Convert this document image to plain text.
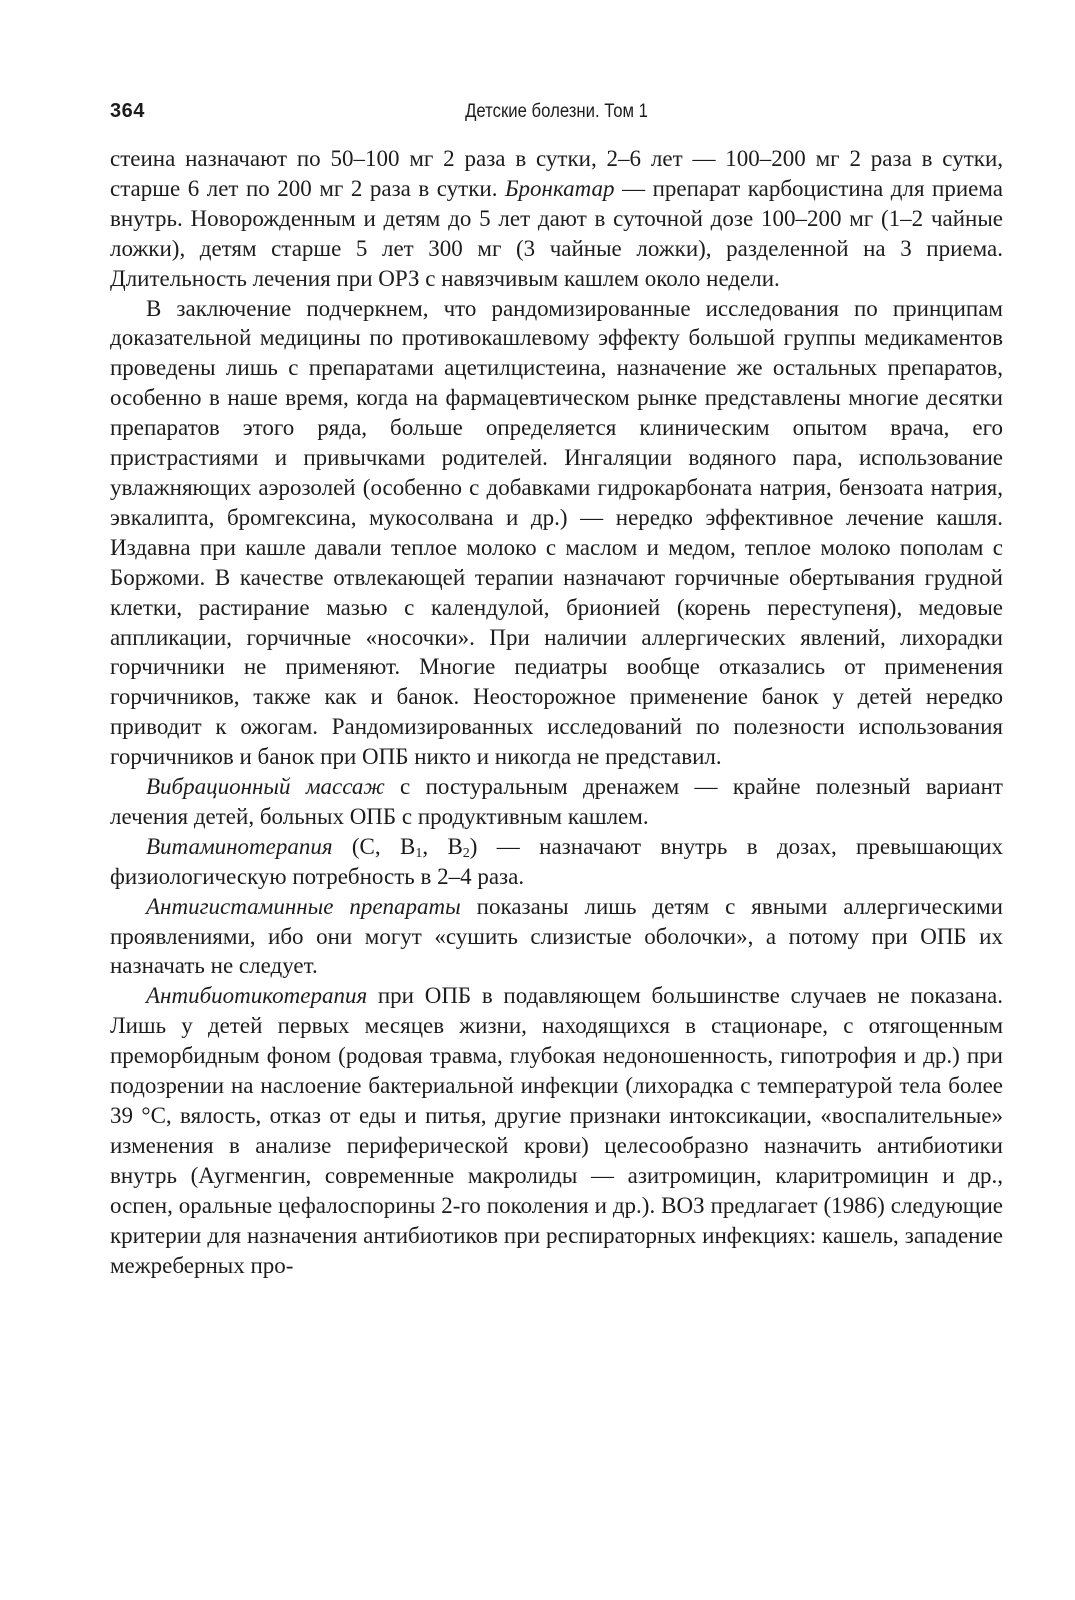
364	Детские болезни. Том 1

стеина назначают по 50–100 мг 2 раза в сутки, 2–6 лет — 100–200 мг 2 раза в сутки, старше 6 лет по 200 мг 2 раза в сутки. Бронкатар — препарат карбоцистина для приема внутрь. Новорожденным и детям до 5 лет дают в суточной дозе 100–200 мг (1–2 чайные ложки), детям старше 5 лет 300 мг (3 чайные ложки), разделенной на 3 приема. Длительность лечения при ОРЗ с навязчивым кашлем около недели.

В заключение подчеркнем, что рандомизированные исследования по принципам доказательной медицины по противокашлевому эффекту большой группы медикаментов проведены лишь с препаратами ацетилцистеина, назначение же остальных препаратов, особенно в наше время, когда на фармацевтическом рынке представлены многие десятки препаратов этого ряда, больше определяется клиническим опытом врача, его пристрастиями и привычками родителей. Ингаляции водяного пара, использование увлажняющих аэрозолей (особенно с добавками гидрокарбоната натрия, бензоата натрия, эвкалипта, бромгексина, мукосолвана и др.) — нередко эффективное лечение кашля. Издавна при кашле давали теплое молоко с маслом и медом, теплое молоко пополам с Боржоми. В качестве отвлекающей терапии назначают горчичные обертывания грудной клетки, растирание мазью с календулой, брионией (корень переступеня), медовые аппликации, горчичные «носочки». При наличии аллергических явлений, лихорадки горчичники не применяют. Многие педиатры вообще отказались от применения горчичников, также как и банок. Неосторожное применение банок у детей нередко приводит к ожогам. Рандомизированных исследований по полезности использования горчичников и банок при ОПБ никто и никогда не представил.

Вибрационный массаж с постуральным дренажем — крайне полезный вариант лечения детей, больных ОПБ с продуктивным кашлем.

Витаминотерапия (С, $В_1$, $В_2$) — назначают внутрь в дозах, превышающих физиологическую потребность в 2–4 раза.

Антигистаминные препараты показаны лишь детям с явными аллергическими проявлениями, ибо они могут «сушить слизистые оболочки», а потому при ОПБ их назначать не следует.

Антибиотикотерапия при ОПБ в подавляющем большинстве случаев не показана. Лишь у детей первых месяцев жизни, находящихся в стационаре, с отягощенным преморбидным фоном (родовая травма, глубокая недоношенность, гипотрофия и др.) при подозрении на наслоение бактериальной инфекции (лихорадка с температурой тела более 39 °С, вялость, отказ от еды и питья, другие признаки интоксикации, «воспалительные» изменения в анализе периферической крови) целесообразно назначить антибиотики внутрь (Аугменгин, современные макролиды — азитромицин, кларитромицин и др., оспен, оральные цефалоспорины 2-го поколения и др.). ВОЗ предлагает (1986) следующие критерии для назначения антибиотиков при респираторных инфекциях: кашель, западение межреберных про-
